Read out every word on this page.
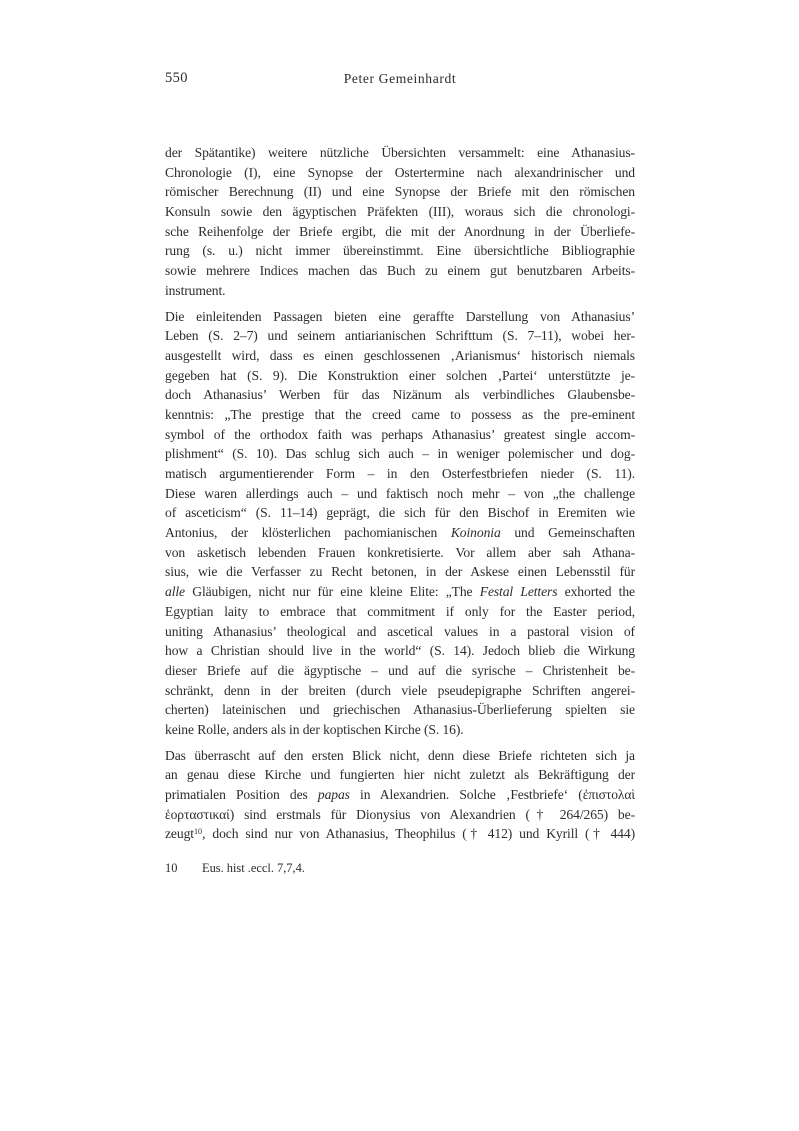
550	Peter Gemeinhardt

der Spätantike) weitere nützliche Übersichten versammelt: eine Athanasius-
Chronologie (I), eine Synopse der Ostertermine nach alexandrinischer und
römischer Berechnung (II) und eine Synopse der Briefe mit den römischen
Konsuln sowie den ägyptischen Präfekten (III), woraus sich die chronologi-
sche Reihenfolge der Briefe ergibt, die mit der Anordnung in der Überliefe-
rung (s. u.) nicht immer übereinstimmt. Eine übersichtliche Bibliographie
sowie mehrere Indices machen das Buch zu einem gut benutzbaren Arbeits-
instrument.

Die einleitenden Passagen bieten eine geraffte Darstellung von Athanasius’
Leben (S. 2–7) und seinem antiarianischen Schrifttum (S. 7–11), wobei her-
ausgestellt wird, dass es einen geschlossenen ‚Arianismus‘ historisch niemals
gegeben hat (S. 9). Die Konstruktion einer solchen ‚Partei‘ unterstützte je-
doch Athanasius’ Werben für das Nizänum als verbindliches Glaubensbe-
kenntnis: „The prestige that the creed came to possess as the pre-eminent
symbol of the orthodox faith was perhaps Athanasius’ greatest single accom-
plishment“ (S. 10). Das schlug sich auch – in weniger polemischer und dog-
matisch argumentierender Form – in den Osterfestbriefen nieder (S. 11).
Diese waren allerdings auch – und faktisch noch mehr – von „the challenge
of asceticism“ (S. 11–14) geprägt, die sich für den Bischof in Eremiten wie
Antonius, der klösterlichen pachomianischen Koinonia und Gemeinschaften
von asketisch lebenden Frauen konkretisierte. Vor allem aber sah Athana-
sius, wie die Verfasser zu Recht betonen, in der Askese einen Lebensstil für
alle Gläubigen, nicht nur für eine kleine Elite: „The Festal Letters exhorted the
Egyptian laity to embrace that commitment if only for the Easter period,
uniting Athanasius’ theological and ascetical values in a pastoral vision of
how a Christian should live in the world“ (S. 14). Jedoch blieb die Wirkung
dieser Briefe auf die ägyptische – und auf die syrische – Christenheit be-
schränkt, denn in der breiten (durch viele pseudepigraphe Schriften angerei-
cherten) lateinischen und griechischen Athanasius-Überlieferung spielten sie
keine Rolle, anders als in der koptischen Kirche (S. 16).

Das überrascht auf den ersten Blick nicht, denn diese Briefe richteten sich ja
an genau diese Kirche und fungierten hier nicht zuletzt als Bekräftigung der
primatialen Position des papas in Alexandrien. Solche ‚Festbriefe‘ (ἐπιστολαὶ
ἑορταστικαί) sind erstmals für Dionysius von Alexandrien († 264/265) be-
zeugt$^{10}$, doch sind nur von Athanasius, Theophilus († 412) und Kyrill († 444)

10 Eus. hist .eccl. 7,7,4.
